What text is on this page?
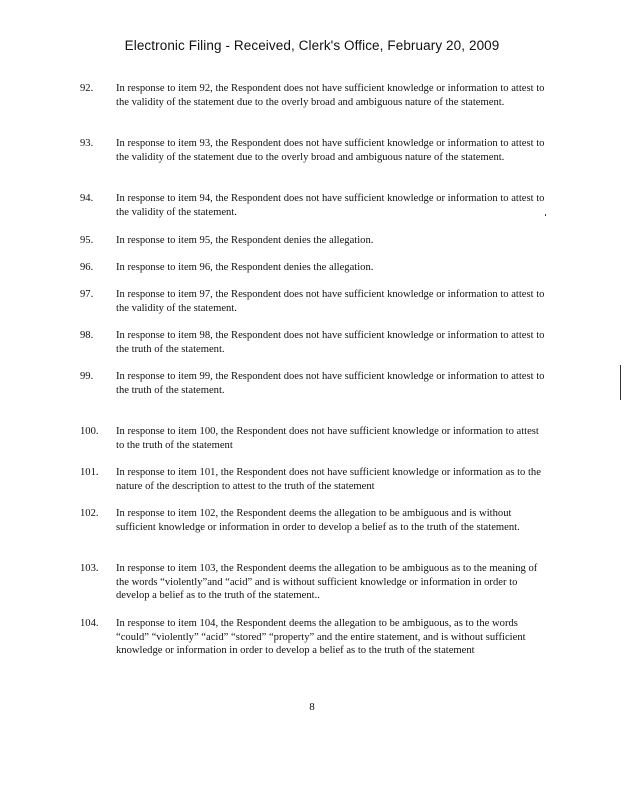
Electronic Filing - Received, Clerk's Office, February 20, 2009
92. In response to item 92, the Respondent does not have sufficient knowledge or information to attest to the validity of the statement due to the overly broad and ambiguous nature of the statement.
93. In response to item 93, the Respondent does not have sufficient knowledge or information to attest to the validity of the statement due to the overly broad and ambiguous nature of the statement.
94. In response to item 94, the Respondent does not have sufficient knowledge or information to attest to the validity of the statement.
95. In response to item 95, the Respondent denies the allegation.
96. In response to item 96, the Respondent denies the allegation.
97. In response to item 97, the Respondent does not have sufficient knowledge or information to attest to the validity of the statement.
98. In response to item 98, the Respondent does not have sufficient knowledge or information to attest to the truth of the statement.
99. In response to item 99, the Respondent does not have sufficient knowledge or information to attest to the truth of the statement.
100. In response to item 100, the Respondent does not have sufficient knowledge or information to attest to the truth of the statement
101. In response to item 101, the Respondent does not have sufficient knowledge or information as to the nature of the description to attest to the truth of the statement
102. In response to item 102, the Respondent deems the allegation to be ambiguous and is without sufficient knowledge or information in order to develop a belief as to the truth of the statement.
103. In response to item 103, the Respondent deems the allegation to be ambiguous as to the meaning of the words “violently”and “acid” and is without sufficient knowledge or information in order to develop a belief as to the truth of the statement..
104. In response to item 104, the Respondent deems the allegation to be ambiguous, as to the words “could” “violently” “acid” “stored” “property” and the entire statement, and is without sufficient knowledge or information in order to develop a belief as to the truth of the statement
8
